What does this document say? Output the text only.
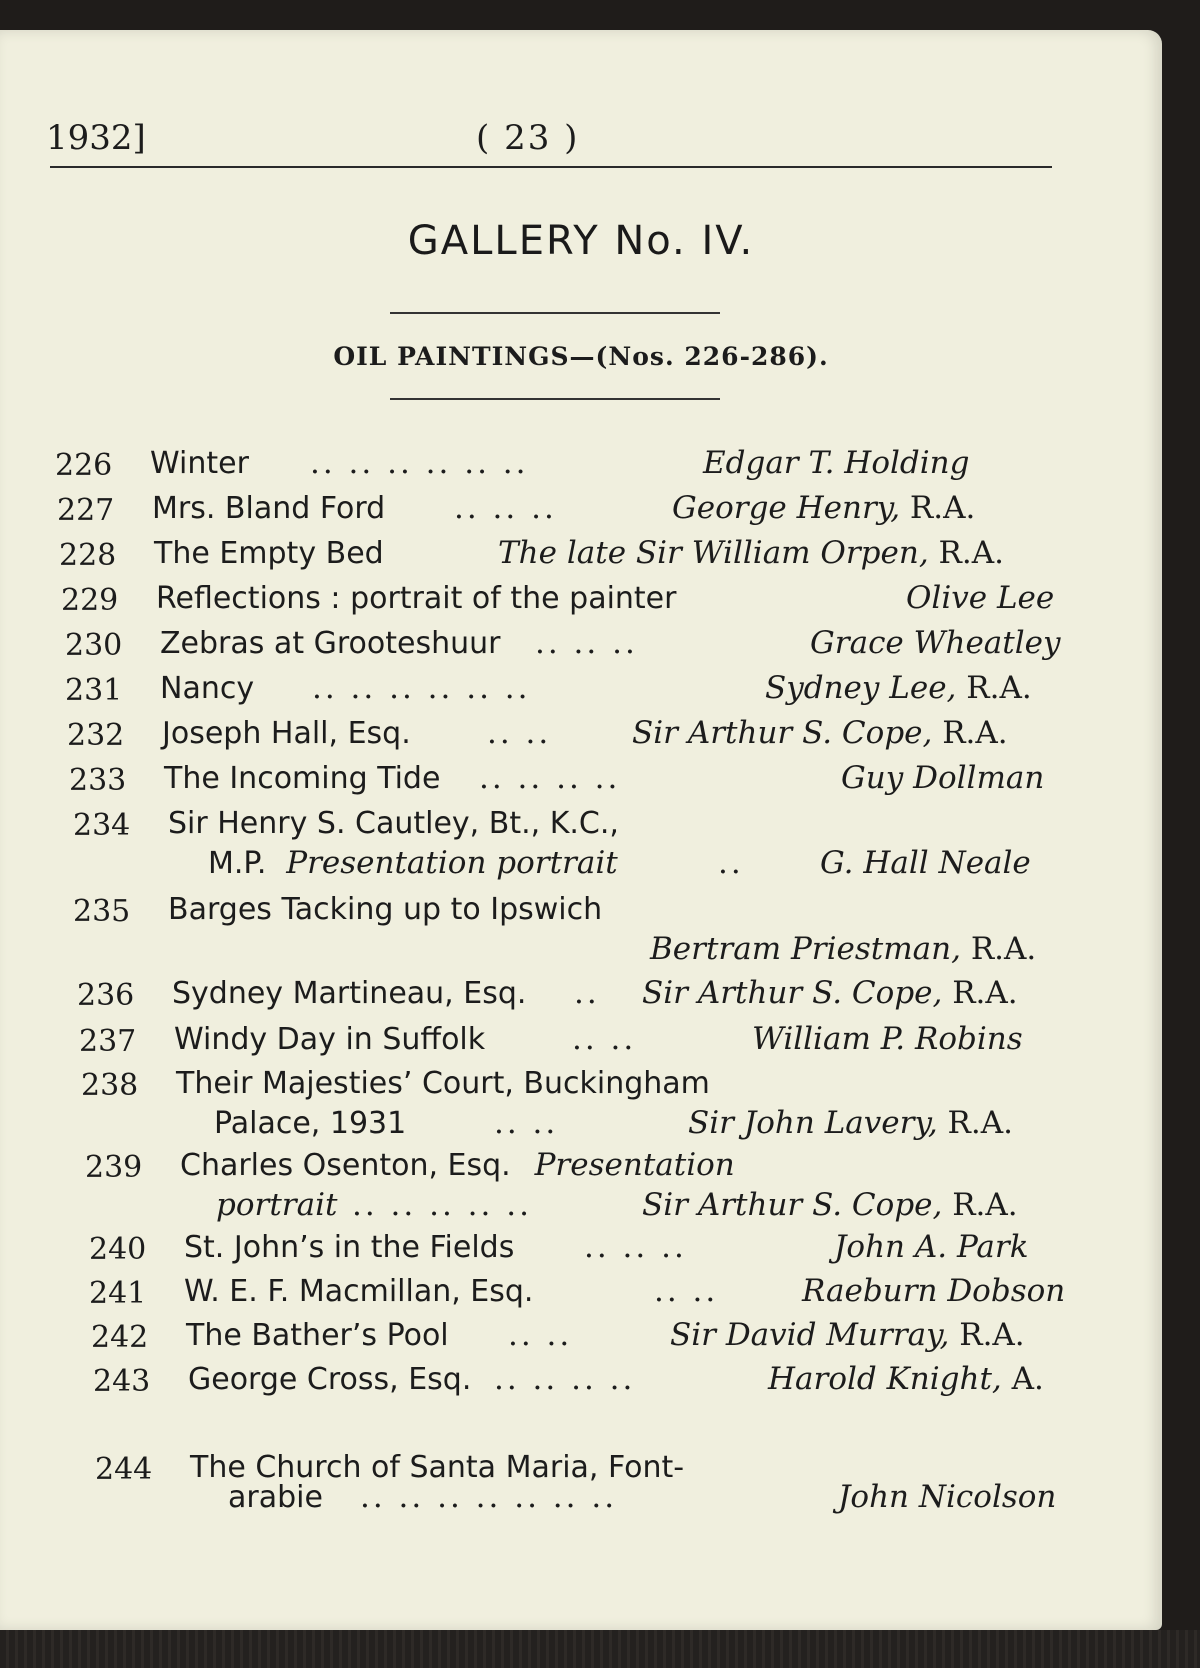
1932]	( 23 )
GALLERY No. IV.
OIL PAINTINGS—(Nos. 226-286).
226	Winter .. .. .. .. .. ..	Edgar T. Holding
227	Mrs. Bland Ford .. .. ..	George Henry, R.A.
228	The Empty Bed	The late Sir William Orpen, R.A.
229	Reflections : portrait of the painter	Olive Lee
230	Zebras at Grooteshuur .. .. ..	Grace Wheatley
231	Nancy .. .. .. .. .. ..	Sydney Lee, R.A.
232	Joseph Hall, Esq. .. ..	Sir Arthur S. Cope, R.A.
233	The Incoming Tide .. .. .. ..	Guy Dollman
234	Sir Henry S. Cautley, Bt., K.C.,
M.P. Presentation portrait	.. G. Hall Neale
235	Barges Tacking up to Ipswich
Bertram Priestman, R.A.
236	Sydney Martineau, Esq. .. Sir Arthur S. Cope, R.A.
237	Windy Day in Suffolk	.. ..	William P. Robins
238	Their Majesties’ Court, Buckingham
Palace, 1931	.. ..	Sir John Lavery, R.A.
239	Charles Osenton, Esq. Presentation
portrait .. .. .. .. ..	Sir Arthur S. Cope, R.A.
240	St. John’s in the Fields .. .. ..	John A. Park
241	W. E. F. Macmillan, Esq.	.. ..	Raeburn Dobson
242	The Bather’s Pool .. ..	Sir David Murray, R.A.
243	George Cross, Esq. .. .. .. ..	Harold Knight, A.
244	The Church of Santa Maria, Font-
arabie .. .. .. .. .. .. ..	John Nicolson
